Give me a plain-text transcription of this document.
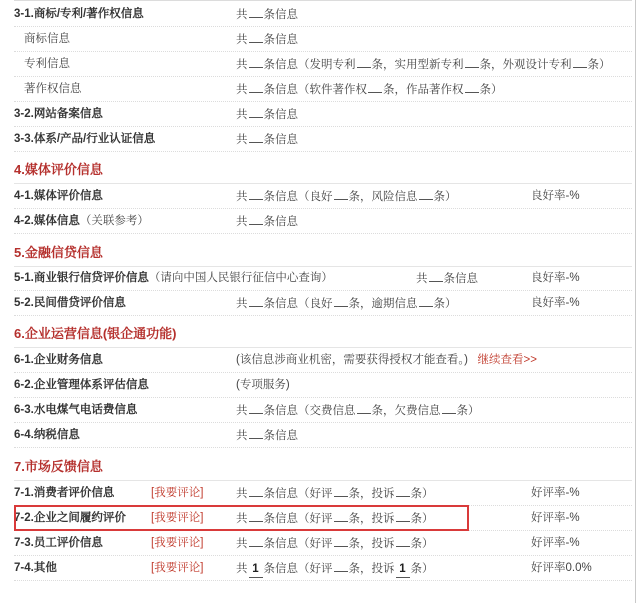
3-1.商标/专利/著作权信息	共 条信息
商标信息	共 条信息
专利信息	共 条信息（发明专利 条，实用型新专利 条，外观设计专利 条）
著作权信息	共 条信息（软件著作权 条，作品著作权 条）
3-2.网站备案信息	共 条信息
3-3.体系/产品/行业认证信息	共 条信息
4.媒体评价信息
4-1.媒体评价信息	共 条信息（良好 条，风险信息 条）	良好率-%
4-2.媒体信息（关联参考）	共 条信息
5.金融信贷信息
5-1.商业银行信贷评价信息（请向中国人民银行征信中心查询）	共 条信息	良好率-%
5-2.民间借贷评价信息	共 条信息（良好 条，逾期信息 条）	良好率-%
6.企业运营信息(银企通功能)
6-1.企业财务信息	(该信息涉商业机密，需要获得授权才能查看。) 继续查看>>
6-2.企业管理体系评估信息	(专项服务)
6-3.水电煤气电话费信息	共 条信息（交费信息 条，欠费信息 条）
6-4.纳税信息	共 条信息
7.市场反馈信息
7-1.消费者评价信息	[我要评论]	共 条信息（好评 条，投诉 条）	好评率-%
7-2.企业之间履约评价 [我要评论]	共 条信息（好评 条，投诉 条）	好评率-%
7-3.员工评价信息	[我要评论]	共 条信息（好评 条，投诉 条）	好评率-%
7-4.其他	[我要评论]	共 1 条信息（好评 条，投诉 1 条）	好评率0.0%
